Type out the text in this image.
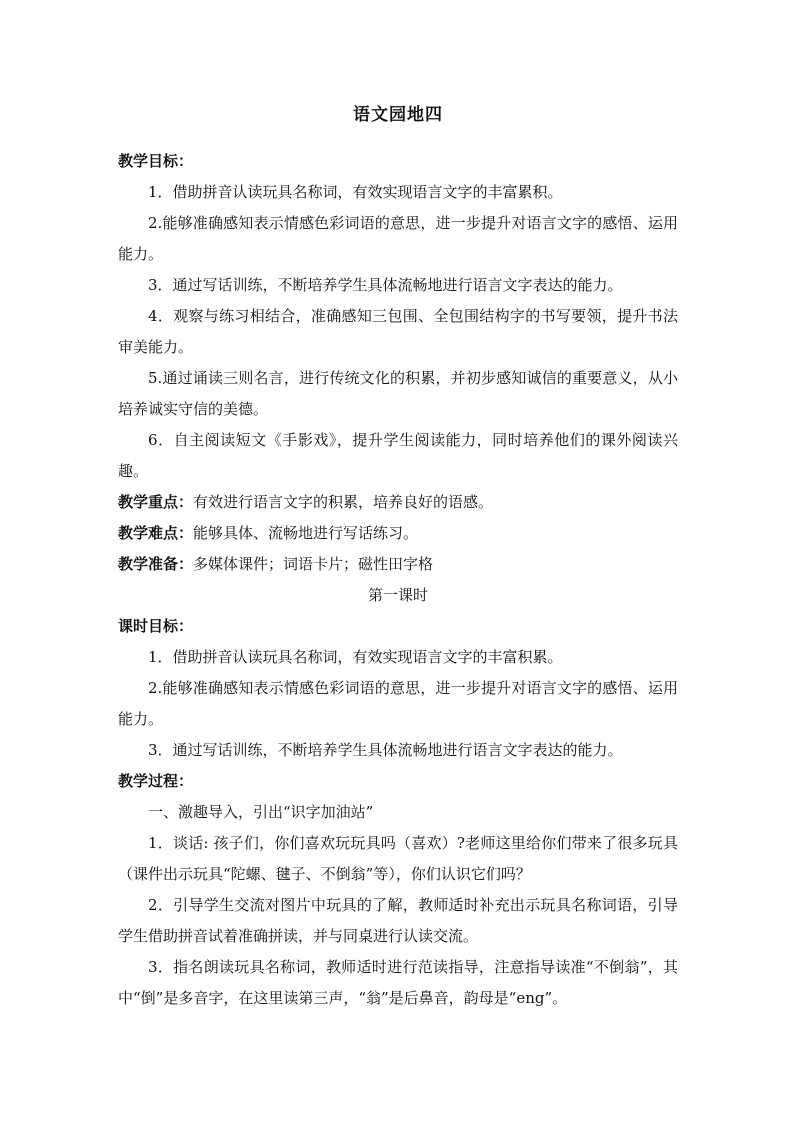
语文园地四
教学目标：

1．借助拼音认读玩具名称词，有效实现语言文字的丰富累积。

2.能够准确感知表示情感色彩词语的意思，进一步提升对语言文字的感悟、运用能力。

3．通过写话训练，不断培养学生具体流畅地进行语言文字表达的能力。

4．观察与练习相结合，准确感知三包围、全包围结构字的书写要领，提升书法审美能力。

5.通过诵读三则名言，进行传统文化的积累，并初步感知诚信的重要意义，从小培养诚实守信的美德。

6．自主阅读短文《手影戏》，提升学生阅读能力，同时培养他们的课外阅读兴趣。

教学重点：有效进行语言文字的积累，培养良好的语感。
教学难点：能够具体、流畅地进行写话练习。
教学准备：多媒体课件；词语卡片；磁性田字格
第一课时
课时目标：

1．借助拼音认读玩具名称词，有效实现语言文字的丰富积累。

2.能够准确感知表示情感色彩词语的意思，进一步提升对语言文字的感悟、运用能力。

3．通过写话训练，不断培养学生具体流畅地进行语言文字表达的能力。

教学过程：

一、激趣导入，引出“识字加油站”

1．谈话: 孩子们，你们喜欢玩玩具吗（喜欢）?老师这里给你们带来了很多玩具（课件出示玩具“陀螺、毽子、不倒翁”等），你们认识它们吗？

2．引导学生交流对图片中玩具的了解，教师适时补充出示玩具名称词语，引导学生借助拼音试着准确拼读，并与同桌进行认读交流。

3．指名朗读玩具名称词，教师适时进行范读指导，注意指导读准“不倒翁”，其中“倒”是多音字，在这里读第三声，“翁”是后鼻音，韵母是“eng”。
